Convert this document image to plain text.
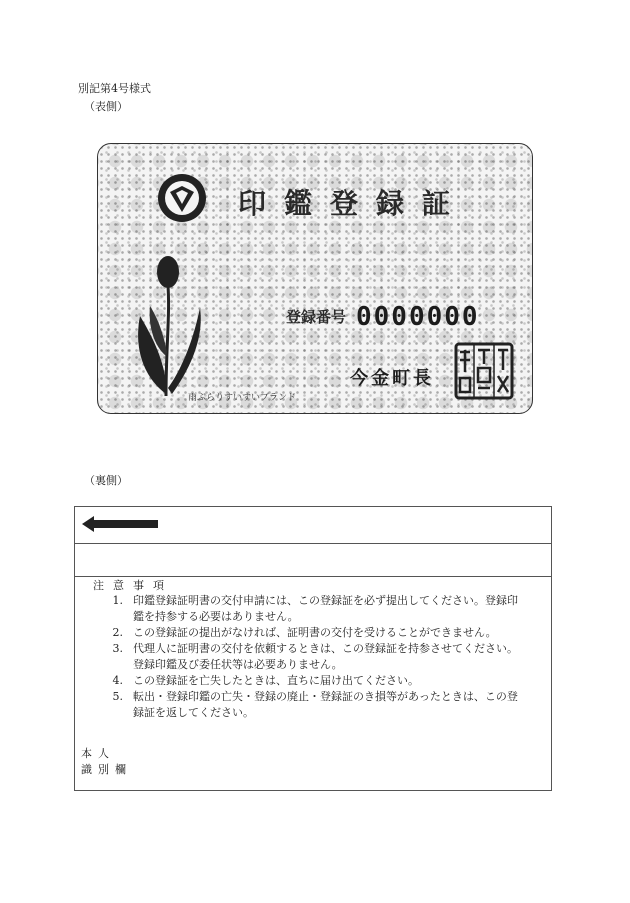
別記第4号様式
（表側）
印鑑登録証
登録番号 0000000
今金町長
雨ぶらりすいすいブランド
（裏側）
注意事項
1. 印鑑登録証明書の交付申請には、この登録証を必ず提出してください。登録印
鑑を持参する必要はありません。
2. この登録証の提出がなければ、証明書の交付を受けることができません。
3. 代理人に証明書の交付を依頼するときは、この登録証を持参させてください。
登録印鑑及び委任状等は必要ありません。
4. この登録証を亡失したときは、直ちに届け出てください。
5. 転出・登録印鑑の亡失・登録の廃止・登録証のき損等があったときは、この登
録証を返してください。
本人
識別欄
